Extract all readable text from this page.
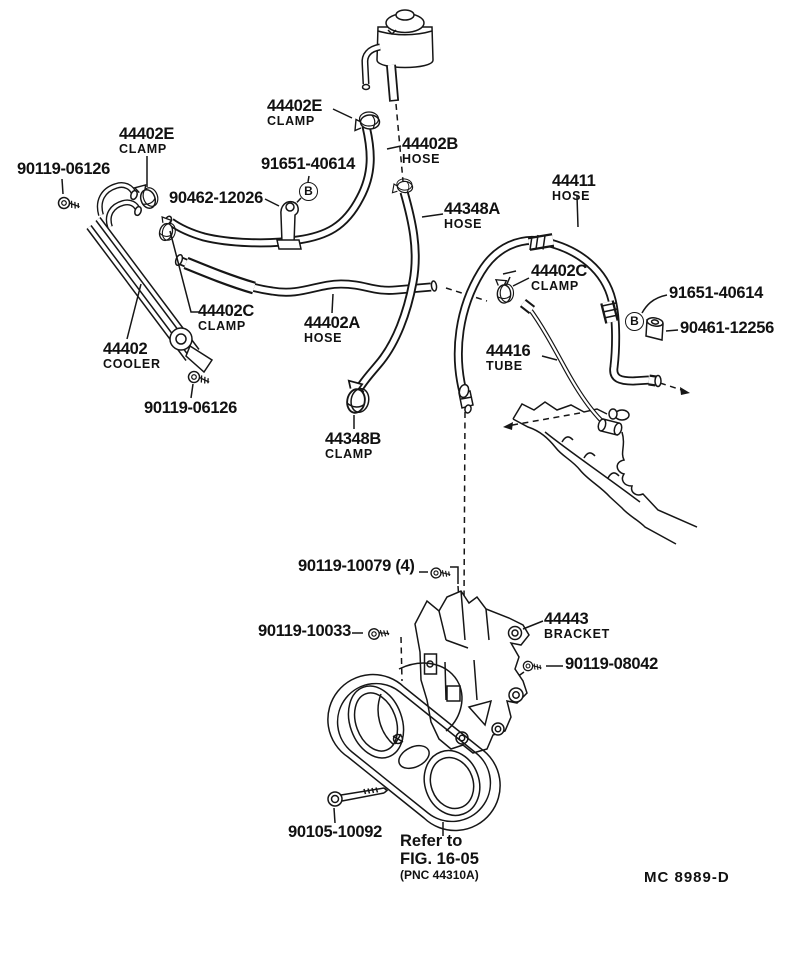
44402E
CLAMP
90119-06126
90462-12026
91651-40614
B
44402E
CLAMP
44402B
HOSE
44348A
HOSE
44411
HOSE
44402C
CLAMP	91651-40614
B	90461-12256
44416
TUBE
44402C
CLAMP
44402
COOLER
90119-06126
44402A
HOSE
44348B
CLAMP
90119-10079 (4)
90119-10033
44443
BRACKET
90119-08042
90105-10092 Refer to
FIG. 16-05
(PNC 44310A)	MC 8989-D
